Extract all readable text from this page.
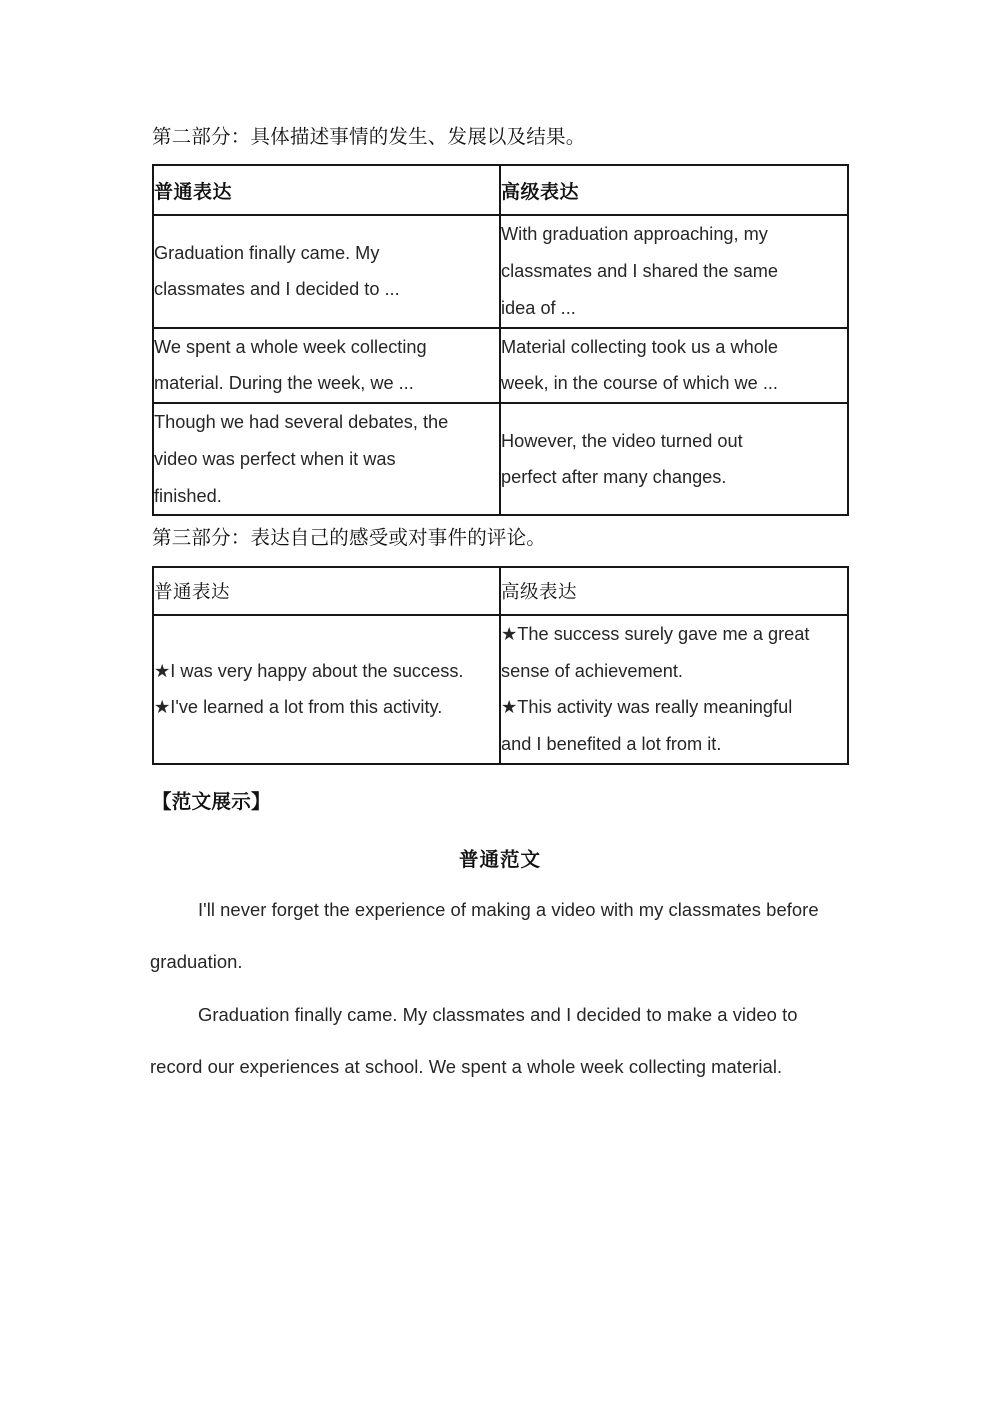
第二部分：具体描述事情的发生、发展以及结果。

普通表达	高级表达

Graduation finally came. My
classmates and I decided to ...	With graduation approaching, my
classmates and I shared the same
idea of ...

We spent a whole week collecting
material. During the week, we ...	Material collecting took us a whole
week, in the course of which we ...

Though we had several debates, the
video was perfect when it was
finished.	However, the video turned out
perfect after many changes.

第三部分：表达自己的感受或对事件的评论。

普通表达	高级表达

★I was very happy about the success.
★I've learned a lot from this activity.	★The success surely gave me a great
sense of achievement.
★This activity was really meaningful
and I benefited a lot from it.

【范文展示】

普通范文

I'll never forget the experience of making a video with my classmates before graduation.

Graduation finally came. My classmates and I decided to make a video to record our experiences at school. We spent a whole week collecting material.
